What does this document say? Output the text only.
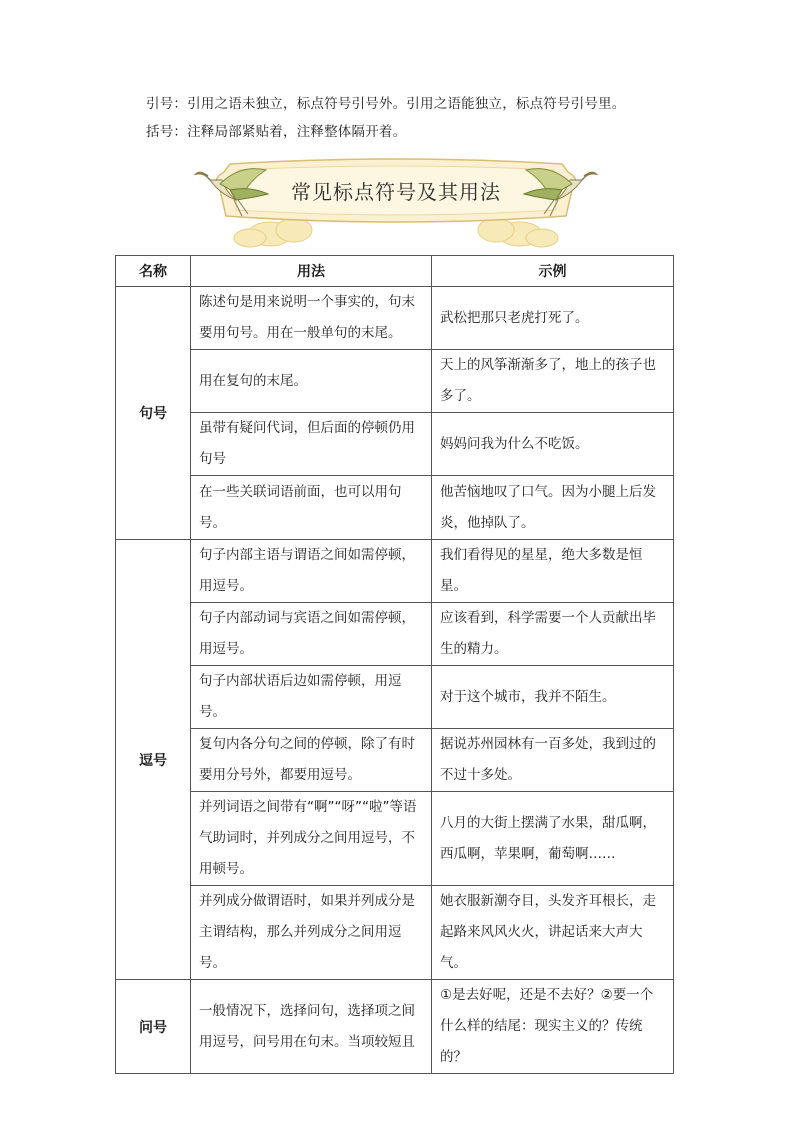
引号：引用之语未独立，标点符号引号外。引用之语能独立，标点符号引号里。
括号：注释局部紧贴着，注释整体隔开着。
常见标点符号及其用法
名称	用法	示例
句号	陈述句是用来说明一个事实的，句末要用句号。用在一般单句的末尾。	武松把那只老虎打死了。
	用在复句的末尾。	天上的风筝渐渐多了，地上的孩子也多了。
	虽带有疑问代词，但后面的停顿仍用句号	妈妈问我为什么不吃饭。
	在一些关联词语前面，也可以用句号。	他苦恼地叹了口气。因为小腿上后发炎，他掉队了。
逗号	句子内部主语与谓语之间如需停顿，用逗号。	我们看得见的星星，绝大多数是恒星。
	句子内部动词与宾语之间如需停顿，用逗号。	应该看到，科学需要一个人贡献出毕生的精力。
	句子内部状语后边如需停顿，用逗号。	对于这个城市，我并不陌生。
	复句内各分句之间的停顿，除了有时要用分号外，都要用逗号。	据说苏州园林有一百多处，我到过的不过十多处。
	并列词语之间带有“啊”“呀”“啦”等语气助词时，并列成分之间用逗号，不用顿号。	八月的大街上摆满了水果，甜瓜啊，西瓜啊，苹果啊，葡萄啊……
	并列成分做谓语时，如果并列成分是主谓结构，那么并列成分之间用逗号。	她衣服新潮夺目，头发齐耳根长，走起路来风风火火，讲起话来大声大气。
问号	一般情况下，选择问句，选择项之间用逗号，问号用在句末。当项较短且	①是去好呢，还是不去好？②要一个什么样的结尾：现实主义的？传统的？
